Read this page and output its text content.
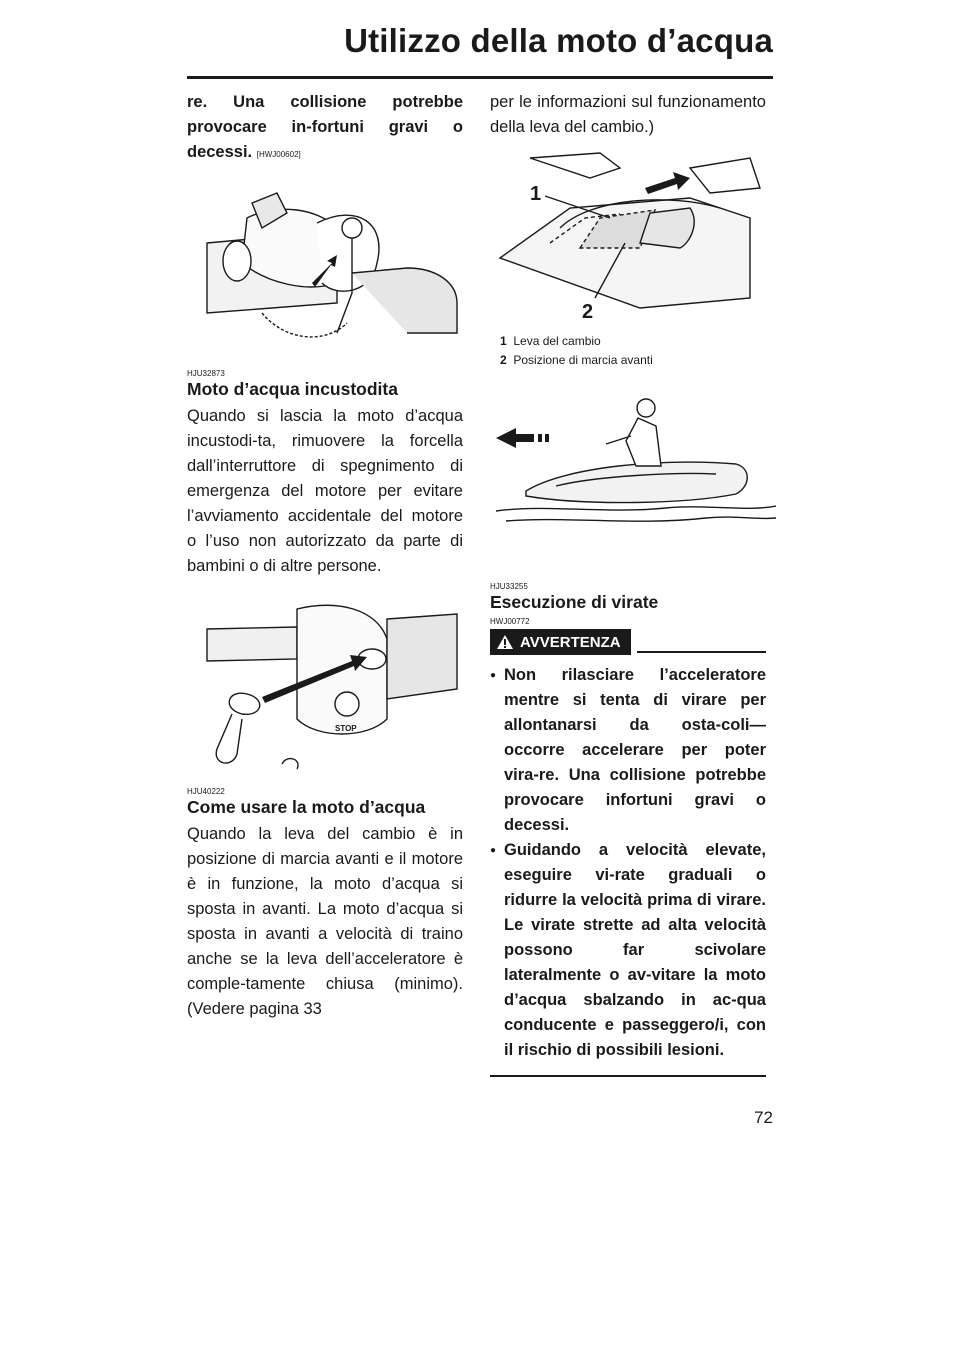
Utilizzo della moto d’acqua

re. Una collisione potrebbe provocare in-fortuni gravi o decessi. [HWJ00602]

HJU32873

Moto d’acqua incustodita

Quando si lascia la moto d’acqua incustodi-ta, rimuovere la forcella dall’interruttore di spegnimento di emergenza del motore per evitare l’avviamento accidentale del motore o l’uso non autorizzato da parte di bambini o di altre persone.

STOP

HJU40222

Come usare la moto d’acqua

Quando la leva del cambio è in posizione di marcia avanti e il motore è in funzione, la moto d’acqua si sposta in avanti. La moto d’acqua si sposta in avanti a velocità di traino anche se la leva dell’acceleratore è comple-tamente chiusa (minimo). (Vedere pagina 33

per le informazioni sul funzionamento della leva del cambio.)

1
2
1 Leva del cambio
2 Posizione di marcia avanti

HJU33255

Esecuzione di virate

HWJ00772

AVVERTENZA
● Non rilasciare l’acceleratore mentre si tenta di virare per allontanarsi da osta-coli—occorre accelerare per poter vira-re. Una collisione potrebbe provocare infortuni gravi o decessi.
● Guidando a velocità elevate, eseguire vi-rate graduali o ridurre la velocità prima di virare. Le virate strette ad alta velocità possono far scivolare lateralmente o av-vitare la moto d’acqua sbalzando in ac-qua conducente e passeggero/i, con il rischio di possibili lesioni.
72
